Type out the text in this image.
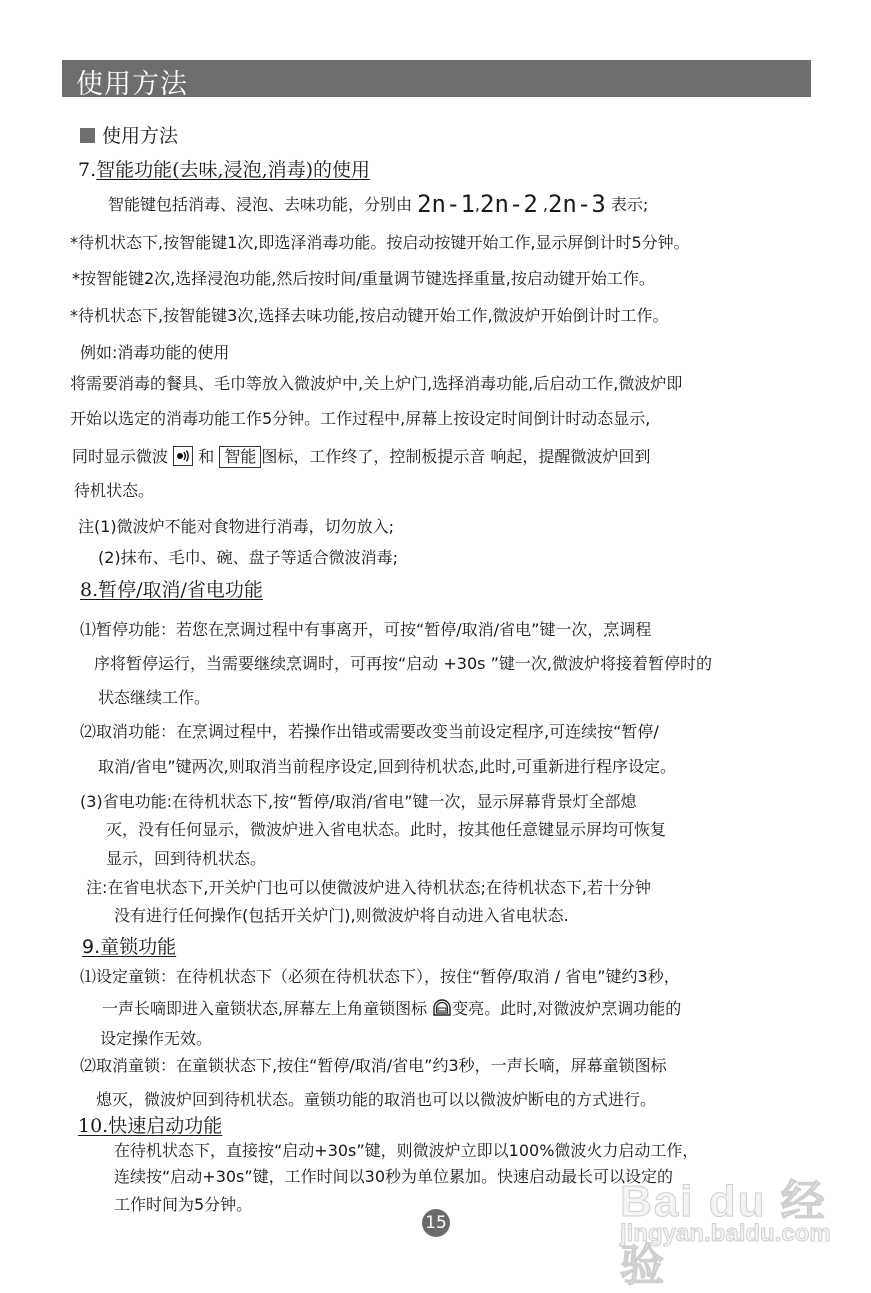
使用方法
使用方法
7.智能功能(去味,浸泡,消毒)的使用
智能键包括消毒、浸泡、去味功能，分别由 2n-1,2n-2 ,2n-3 表示;
*待机状态下,按智能键1次,即选泽消毒功能。按启动按键开始工作,显示屏倒计时5分钟。
*按智能键2次,选择浸泡功能,然后按时间/重量调节键选择重量,按启动键开始工作。
*待机状态下,按智能键3次,选择去味功能,按启动键开始工作,微波炉开始倒计时工作。
例如:消毒功能的使用
将需要消毒的餐具、毛巾等放入微波炉中,关上炉门,选择消毒功能,后启动工作,微波炉即
开始以选定的消毒功能工作5分钟。工作过程中,屏幕上按设定时间倒计时动态显示,
同时显示微波 和 智能 图标，工作终了，控制板提示音 响起，提醒微波炉回到
待机状态。
注(1)微波炉不能对食物进行消毒，切勿放入;
(2)抹布、毛巾、碗、盘子等适合微波消毒;
8.暂停/取消/省电功能
⑴暂停功能：若您在烹调过程中有事离开，可按“暂停/取消/省电”键一次，烹调程
序将暂停运行，当需要继续烹调时，可再按“启动 +30s ”键一次,微波炉将接着暂停时的
状态继续工作。
⑵取消功能：在烹调过程中，若操作出错或需要改变当前设定程序,可连续按“暂停/
取消/省电”键两次,则取消当前程序设定,回到待机状态,此时,可重新进行程序设定。
(3)省电功能:在待机状态下,按“暂停/取消/省电”键一次，显示屏幕背景灯全部熄
灭，没有任何显示，微波炉进入省电状态。此时，按其他任意键显示屏均可恢复
显示，回到待机状态。
注:在省电状态下,开关炉门也可以使微波炉进入待机状态;在待机状态下,若十分钟
没有进行任何操作(包括开关炉门),则微波炉将自动进入省电状态.
9.童锁功能
⑴设定童锁：在待机状态下（必须在待机状态下），按住“暂停/取消 / 省电”键约3秒，
一声长嘀即进入童锁状态,屏幕左上角童锁图标 变亮。此时,对微波炉烹调功能的
设定操作无效。
⑵取消童锁：在童锁状态下,按住“暂停/取消/省电”约3秒，一声长嘀，屏幕童锁图标
熄灭，微波炉回到待机状态。童锁功能的取消也可以以微波炉断电的方式进行。
10.快速启动功能
在待机状态下，直接按“启动+30s”键，则微波炉立即以100%微波火力启动工作，
连续按“启动+30s”键，工作时间以30秒为单位累加。快速启动最长可以设定的
工作时间为5分钟。
15	Bai du 经验
jingyan.baidu.com
